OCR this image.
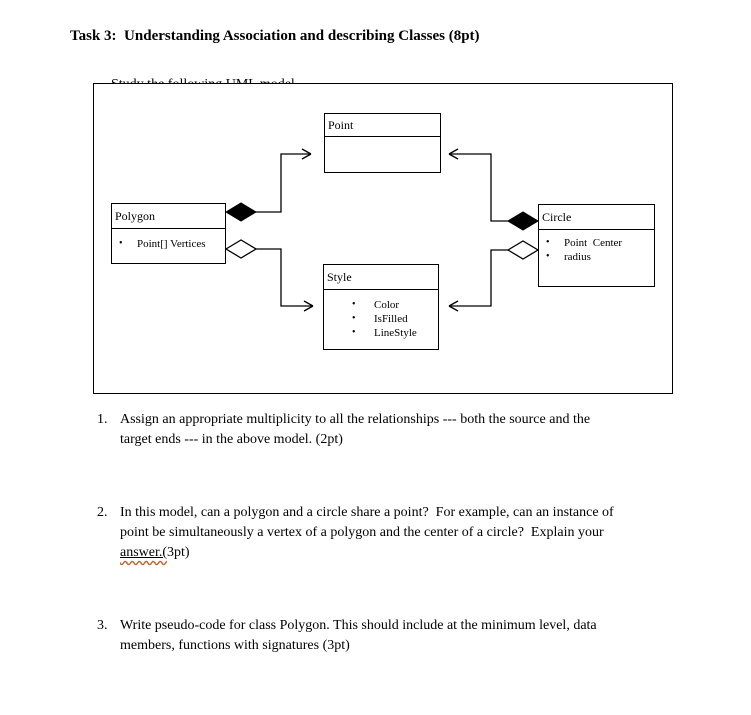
Task 3:  Understanding Association and describing Classes (8pt)

Point
Polygon
•	Point[] Vertices
Circle
•	Point  Center
•	radius
Style
•	Color
•	IsFilled
•	LineStyle
1. Assign an appropriate multiplicity to all the relationships --- both the source and the
target ends --- in the above model. (2pt)
2. In this model, can a polygon and a circle share a point?  For example, can an instance of
point be simultaneously a vertex of a polygon and the center of a circle?  Explain your
answer.(3pt)
3. Write pseudo-code for class Polygon. This should include at the minimum level, data
members, functions with signatures (3pt)
